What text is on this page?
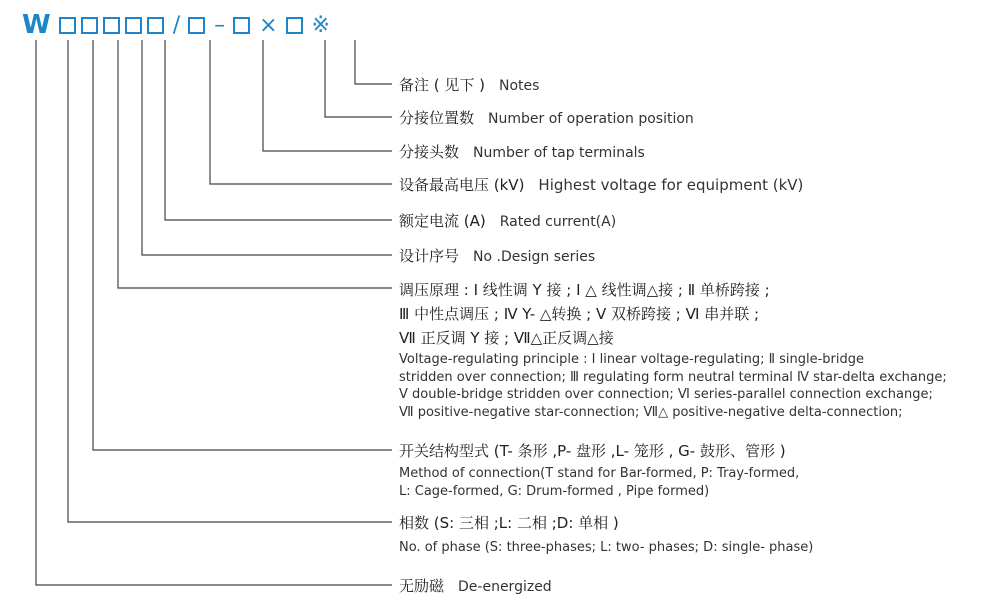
W	/ – × ※
备注 ( 见下 ) Notes
分接位置数 Number of operation position
分接头数 Number of tap terminals
设备最高电压 (kV) Highest voltage for equipment (kV)
额定电流 (A) Rated current(A)
设计序号 No .Design series
调压原理 : Ⅰ 线性调 Y 接 ; Ⅰ △ 线性调△接 ; Ⅱ 单桥跨接 ;
Ⅲ 中性点调压 ; Ⅳ Y- △转换 ; Ⅴ 双桥跨接 ; Ⅵ 串并联 ;
Ⅶ 正反调 Y 接 ; Ⅶ△正反调△接
Voltage-regulating principle : Ⅰ linear voltage-regulating; Ⅱ single-bridge
stridden over connection; Ⅲ regulating form neutral terminal Ⅳ star-delta exchange;
Ⅴ double-bridge stridden over connection; Ⅵ series-parallel connection exchange;
Ⅶ positive-negative star-connection; Ⅶ△ positive-negative delta-connection;
开关结构型式 (T- 条形 ,P- 盘形 ,L- 笼形 , G- 鼓形、管形 )
Method of connection(T stand for Bar-formed, P: Tray-formed,
L: Cage-formed, G: Drum-formed , Pipe formed)
相数 (S: 三相 ;L: 二相 ;D: 单相 )
No. of phase (S: three-phases; L: two- phases; D: single- phase)
无励磁 De-energized
